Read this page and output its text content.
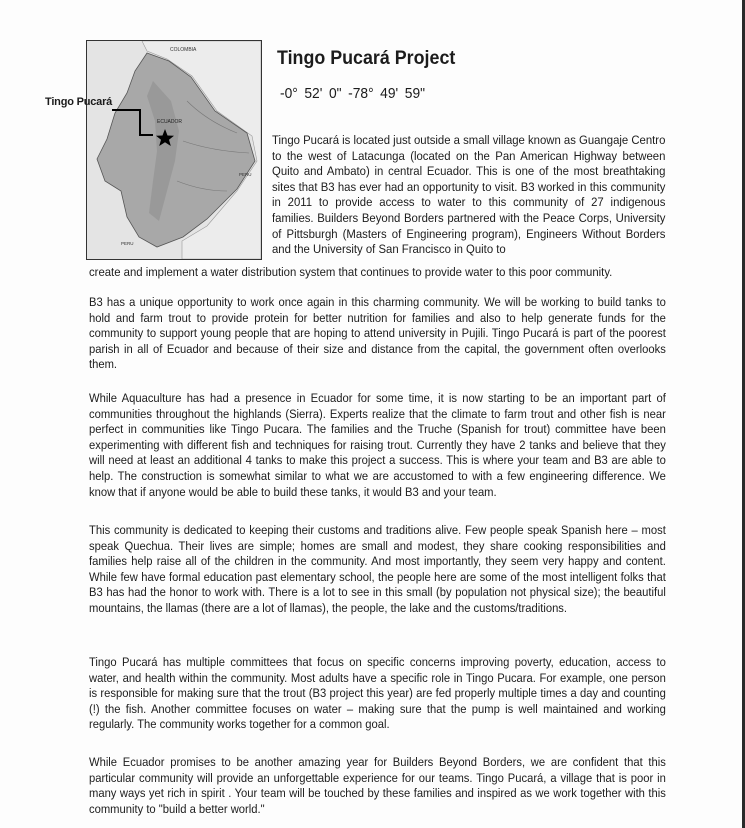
COLOMBIA
ECUADOR
PERU
PERU
Tingo Pucará
Tingo Pucará Project
-0° 52' 0" -78° 49' 59"

Tingo Pucará is located just outside a small village known as Guangaje Centro to the west of Latacunga (located on the Pan American Highway between Quito and Ambato) in central Ecuador. This is one of the most breathtaking sites that B3 has ever had an opportunity to visit. B3 worked in this community in 2011 to provide access to water to this community of 27 indigenous families. Builders Beyond Borders partnered with the Peace Corps, University of Pittsburgh (Masters of Engineering program), Engineers Without Borders and the University of San Francisco in Quito to

create and implement a water distribution system that continues to provide water to this poor community.

B3 has a unique opportunity to work once again in this charming community. We will be working to build tanks to hold and farm trout to provide protein for better nutrition for families and also to help generate funds for the community to support young people that are hoping to attend university in Pujili. Tingo Pucará is part of the poorest parish in all of Ecuador and because of their size and distance from the capital, the government often overlooks them.

While Aquaculture has had a presence in Ecuador for some time, it is now starting to be an important part of communities throughout the highlands (Sierra). Experts realize that the climate to farm trout and other fish is near perfect in communities like Tingo Pucara. The families and the Truche (Spanish for trout) committee have been experimenting with different fish and techniques for raising trout. Currently they have 2 tanks and believe that they will need at least an additional 4 tanks to make this project a success. This is where your team and B3 are able to help. The construction is somewhat similar to what we are accustomed to with a few engineering difference. We know that if anyone would be able to build these tanks, it would B3 and your team.

This community is dedicated to keeping their customs and traditions alive. Few people speak Spanish here – most speak Quechua. Their lives are simple; homes are small and modest, they share cooking responsibilities and families help raise all of the children in the community. And most importantly, they seem very happy and content. While few have formal education past elementary school, the people here are some of the most intelligent folks that B3 has had the honor to work with. There is a lot to see in this small (by population not physical size); the beautiful mountains, the llamas (there are a lot of llamas), the people, the lake and the customs/traditions.

Tingo Pucará has multiple committees that focus on specific concerns improving poverty, education, access to water, and health within the community. Most adults have a specific role in Tingo Pucara. For example, one person is responsible for making sure that the trout (B3 project this year) are fed properly multiple times a day and counting (!) the fish. Another committee focuses on water – making sure that the pump is well maintained and working regularly. The community works together for a common goal.

While Ecuador promises to be another amazing year for Builders Beyond Borders, we are confident that this particular community will provide an unforgettable experience for our teams. Tingo Pucará, a village that is poor in many ways yet rich in spirit . Your team will be touched by these families and inspired as we work together with this community to "build a better world."
